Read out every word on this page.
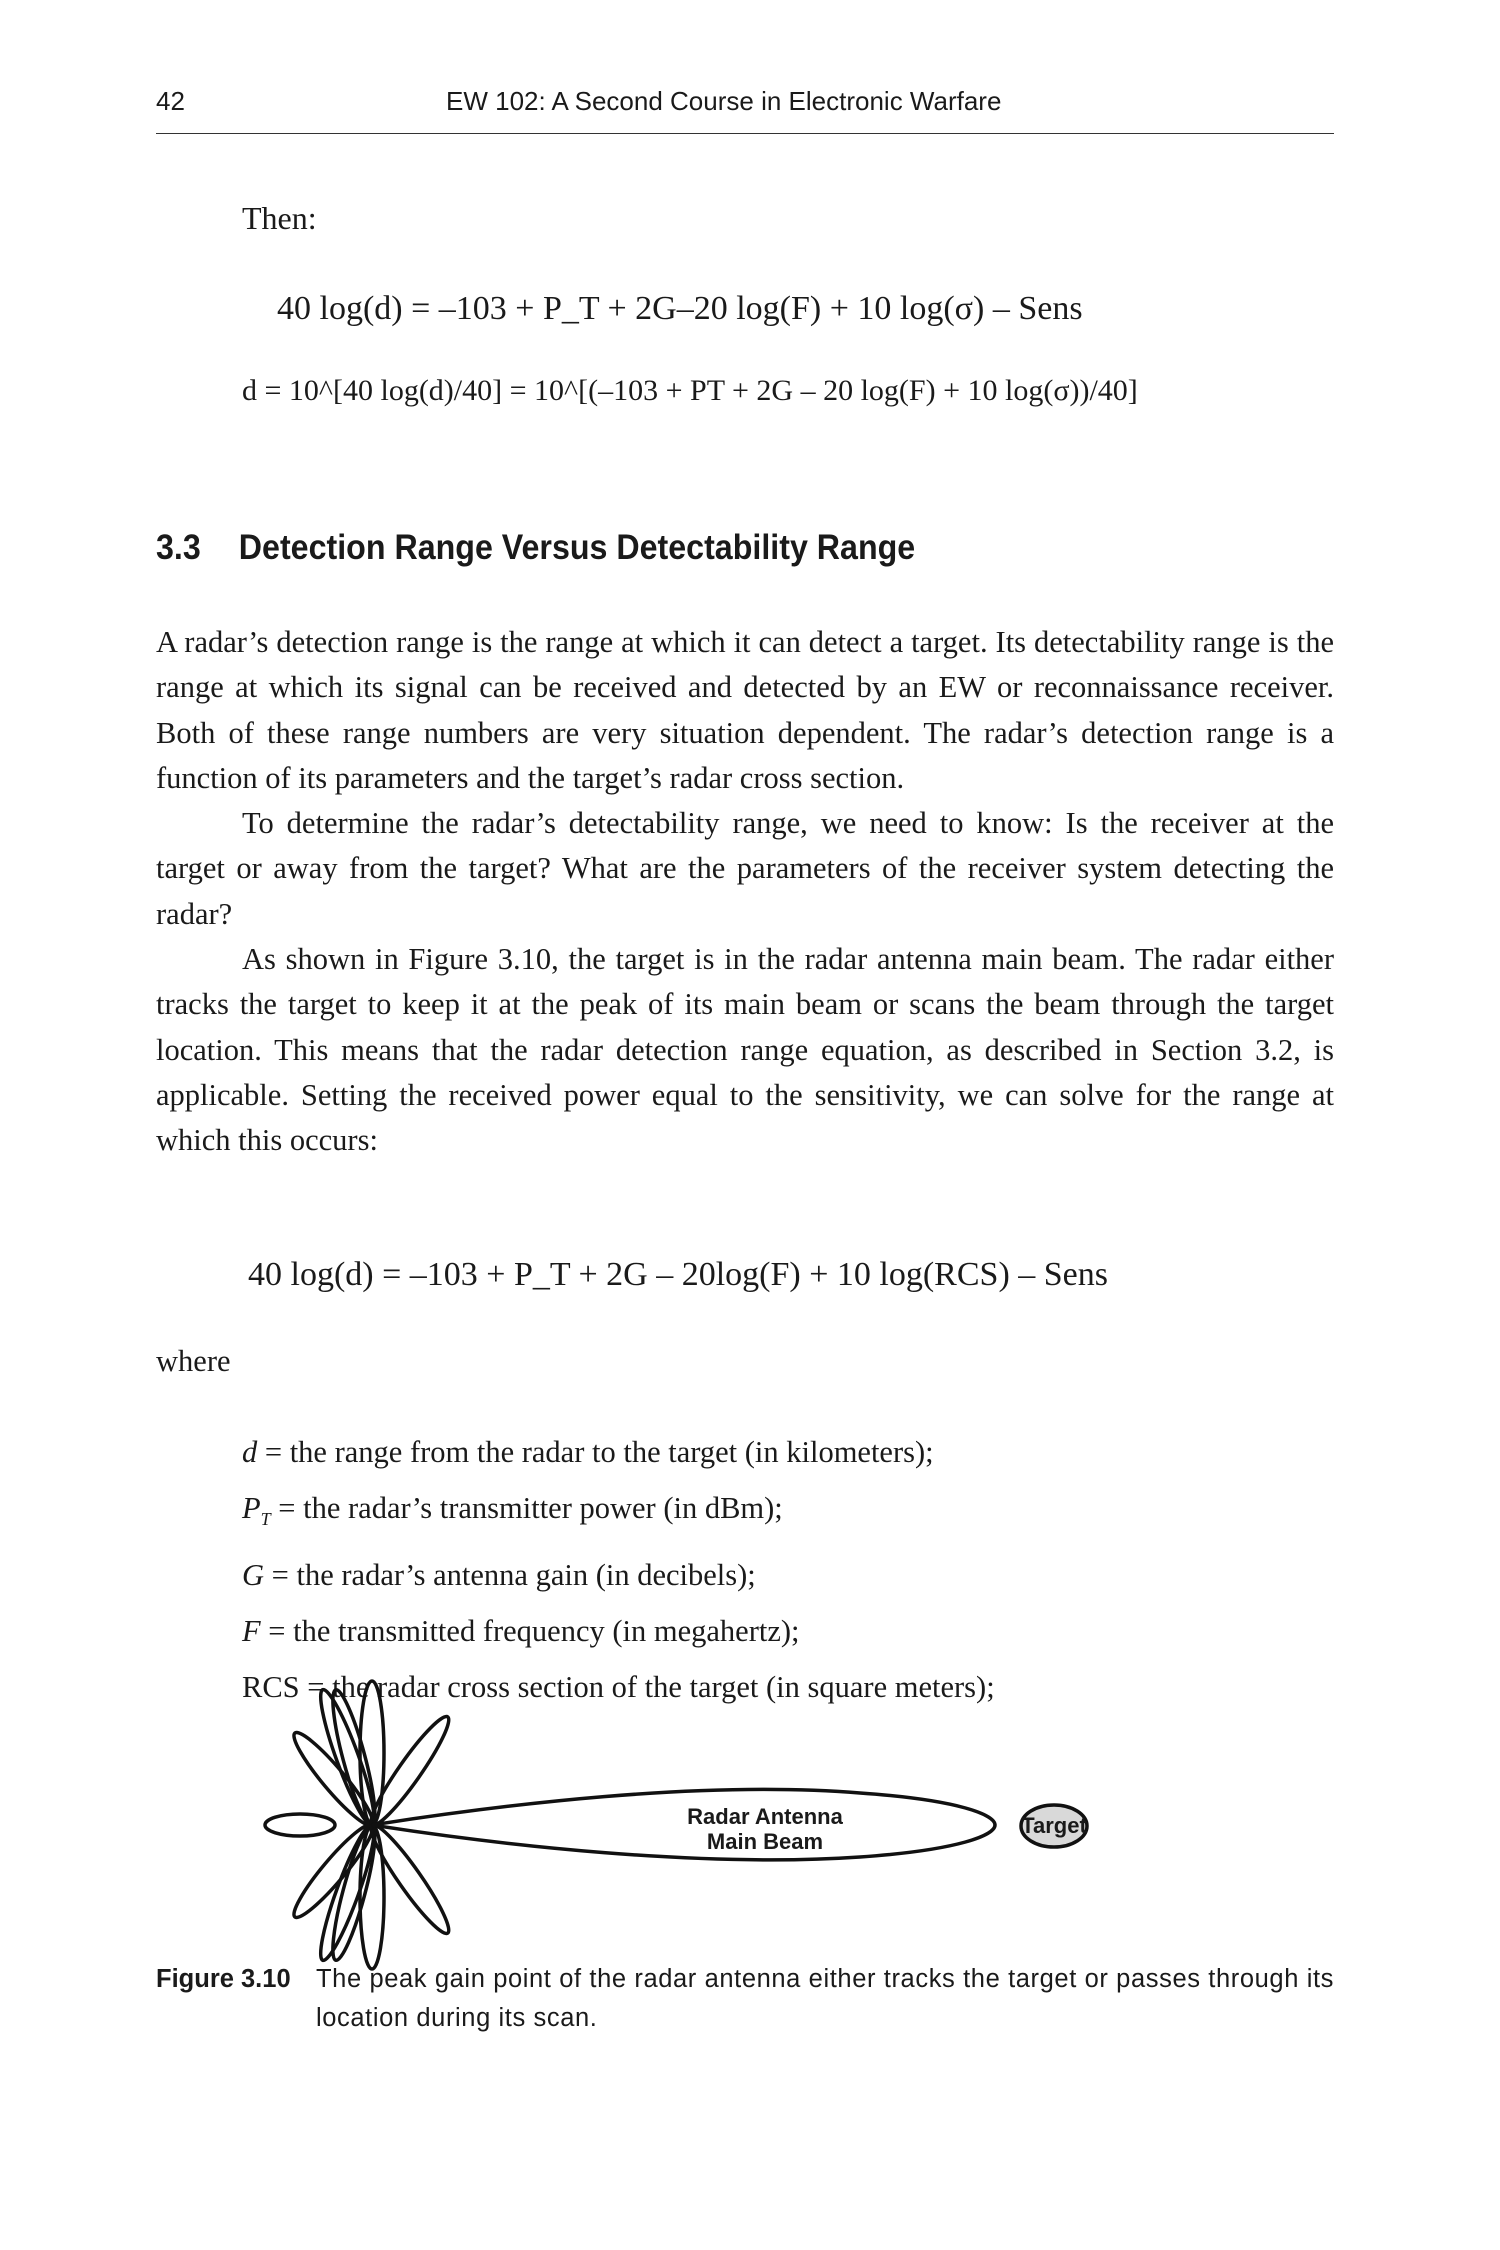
42	EW 102: A Second Course in Electronic Warfare
Then:
40 log(d) = –103 + P_T + 2G–20 log(F) + 10 log(σ) – Sens
d = 10^[40 log(d)/40] = 10^[(–103 + PT + 2G – 20 log(F) + 10 log(σ))/40]
3.3 Detection Range Versus Detectability Range

A radar’s detection range is the range at which it can detect a target. Its detectability range is the range at which its signal can be received and detected by an EW or reconnaissance receiver. Both of these range numbers are very situation dependent. The radar’s detection range is a function of its parameters and the target’s radar cross section.

To determine the radar’s detectability range, we need to know: Is the receiver at the target or away from the target? What are the parameters of the receiver system detecting the radar?

As shown in Figure 3.10, the target is in the radar antenna main beam. The radar either tracks the target to keep it at the peak of its main beam or scans the beam through the target location. This means that the radar detection range equation, as described in Section 3.2, is applicable. Setting the received power equal to the sensitivity, we can solve for the range at which this occurs:

40 log(d) = –103 + P_T + 2G – 20log(F) + 10 log(RCS) – Sens
where
d = the range from the radar to the target (in kilometers);
$P_T$ = the radar’s transmitter power (in dBm);
G = the radar’s antenna gain (in decibels);
F = the transmitted frequency (in megahertz);
RCS = the radar cross section of the target (in square meters);
Radar Antenna
Main Beam
Target
Figure 3.10 The peak gain point of the radar antenna either tracks the target or passes through its location during its scan.
